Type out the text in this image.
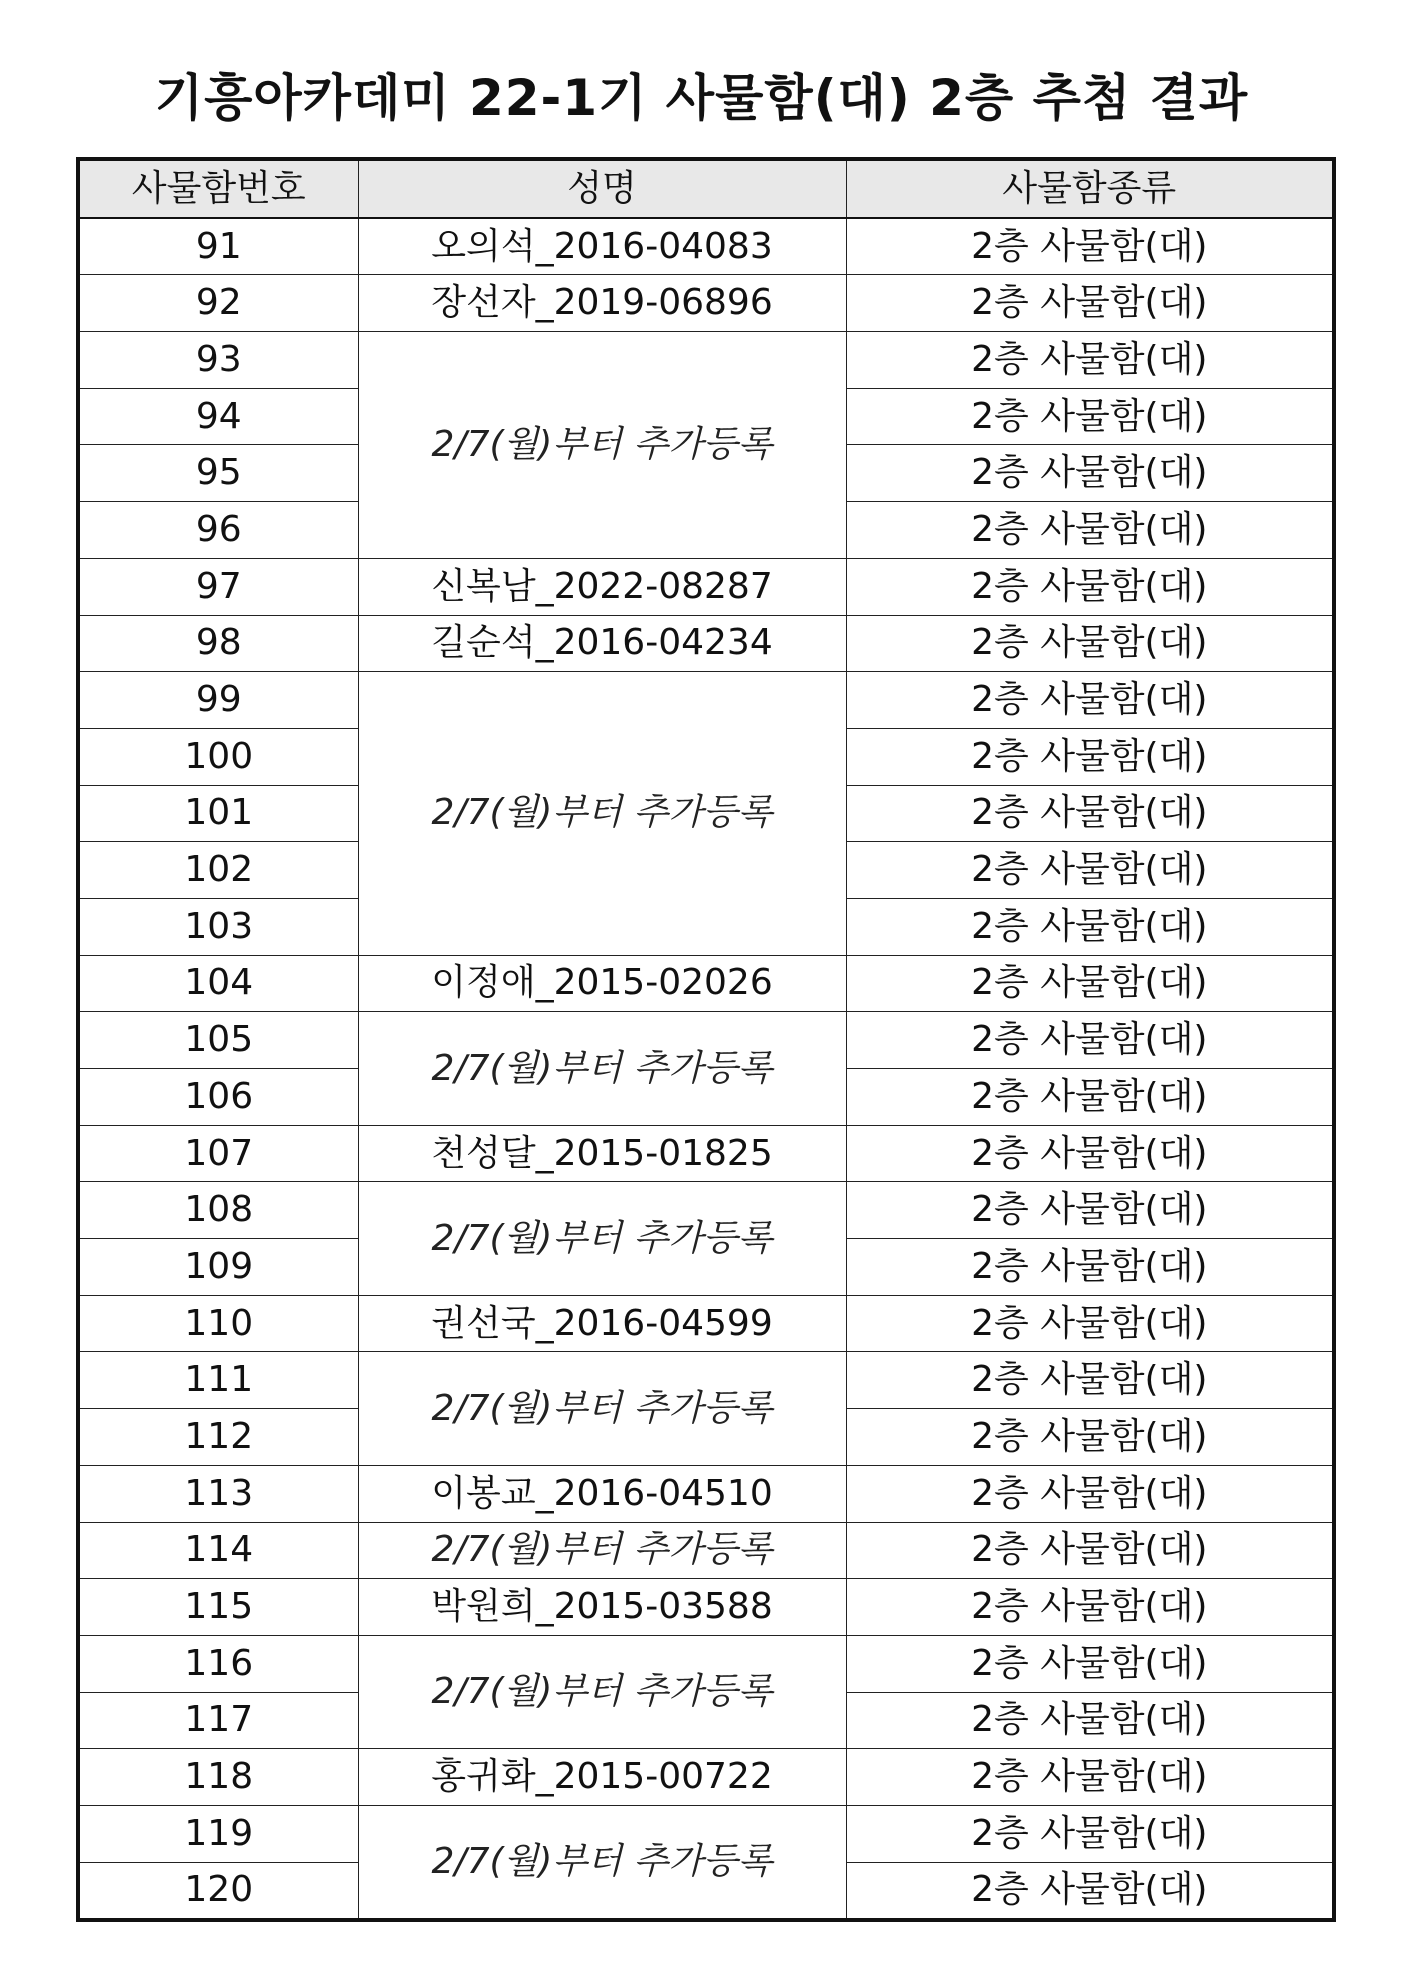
기흥아카데미 22-1기 사물함(대) 2층 추첨 결과
사물함번호	성명	사물함종류
91	오의석_2016-04083	2층 사물함(대)
92	장선자_2019-06896	2층 사물함(대)
93	2/7(월)부터 추가등록	2층 사물함(대)
94		2층 사물함(대)
95		2층 사물함(대)
96		2층 사물함(대)
97	신복남_2022-08287	2층 사물함(대)
98	길순석_2016-04234	2층 사물함(대)
99	2/7(월)부터 추가등록	2층 사물함(대)
100		2층 사물함(대)
101		2층 사물함(대)
102		2층 사물함(대)
103		2층 사물함(대)
104	이정애_2015-02026	2층 사물함(대)
105	2/7(월)부터 추가등록	2층 사물함(대)
106		2층 사물함(대)
107	천성달_2015-01825	2층 사물함(대)
108	2/7(월)부터 추가등록	2층 사물함(대)
109		2층 사물함(대)
110	권선국_2016-04599	2층 사물함(대)
111	2/7(월)부터 추가등록	2층 사물함(대)
112		2층 사물함(대)
113	이봉교_2016-04510	2층 사물함(대)
114	2/7(월)부터 추가등록	2층 사물함(대)
115	박원희_2015-03588	2층 사물함(대)
116	2/7(월)부터 추가등록	2층 사물함(대)
117		2층 사물함(대)
118	홍귀화_2015-00722	2층 사물함(대)
119	2/7(월)부터 추가등록	2층 사물함(대)
120		2층 사물함(대)
